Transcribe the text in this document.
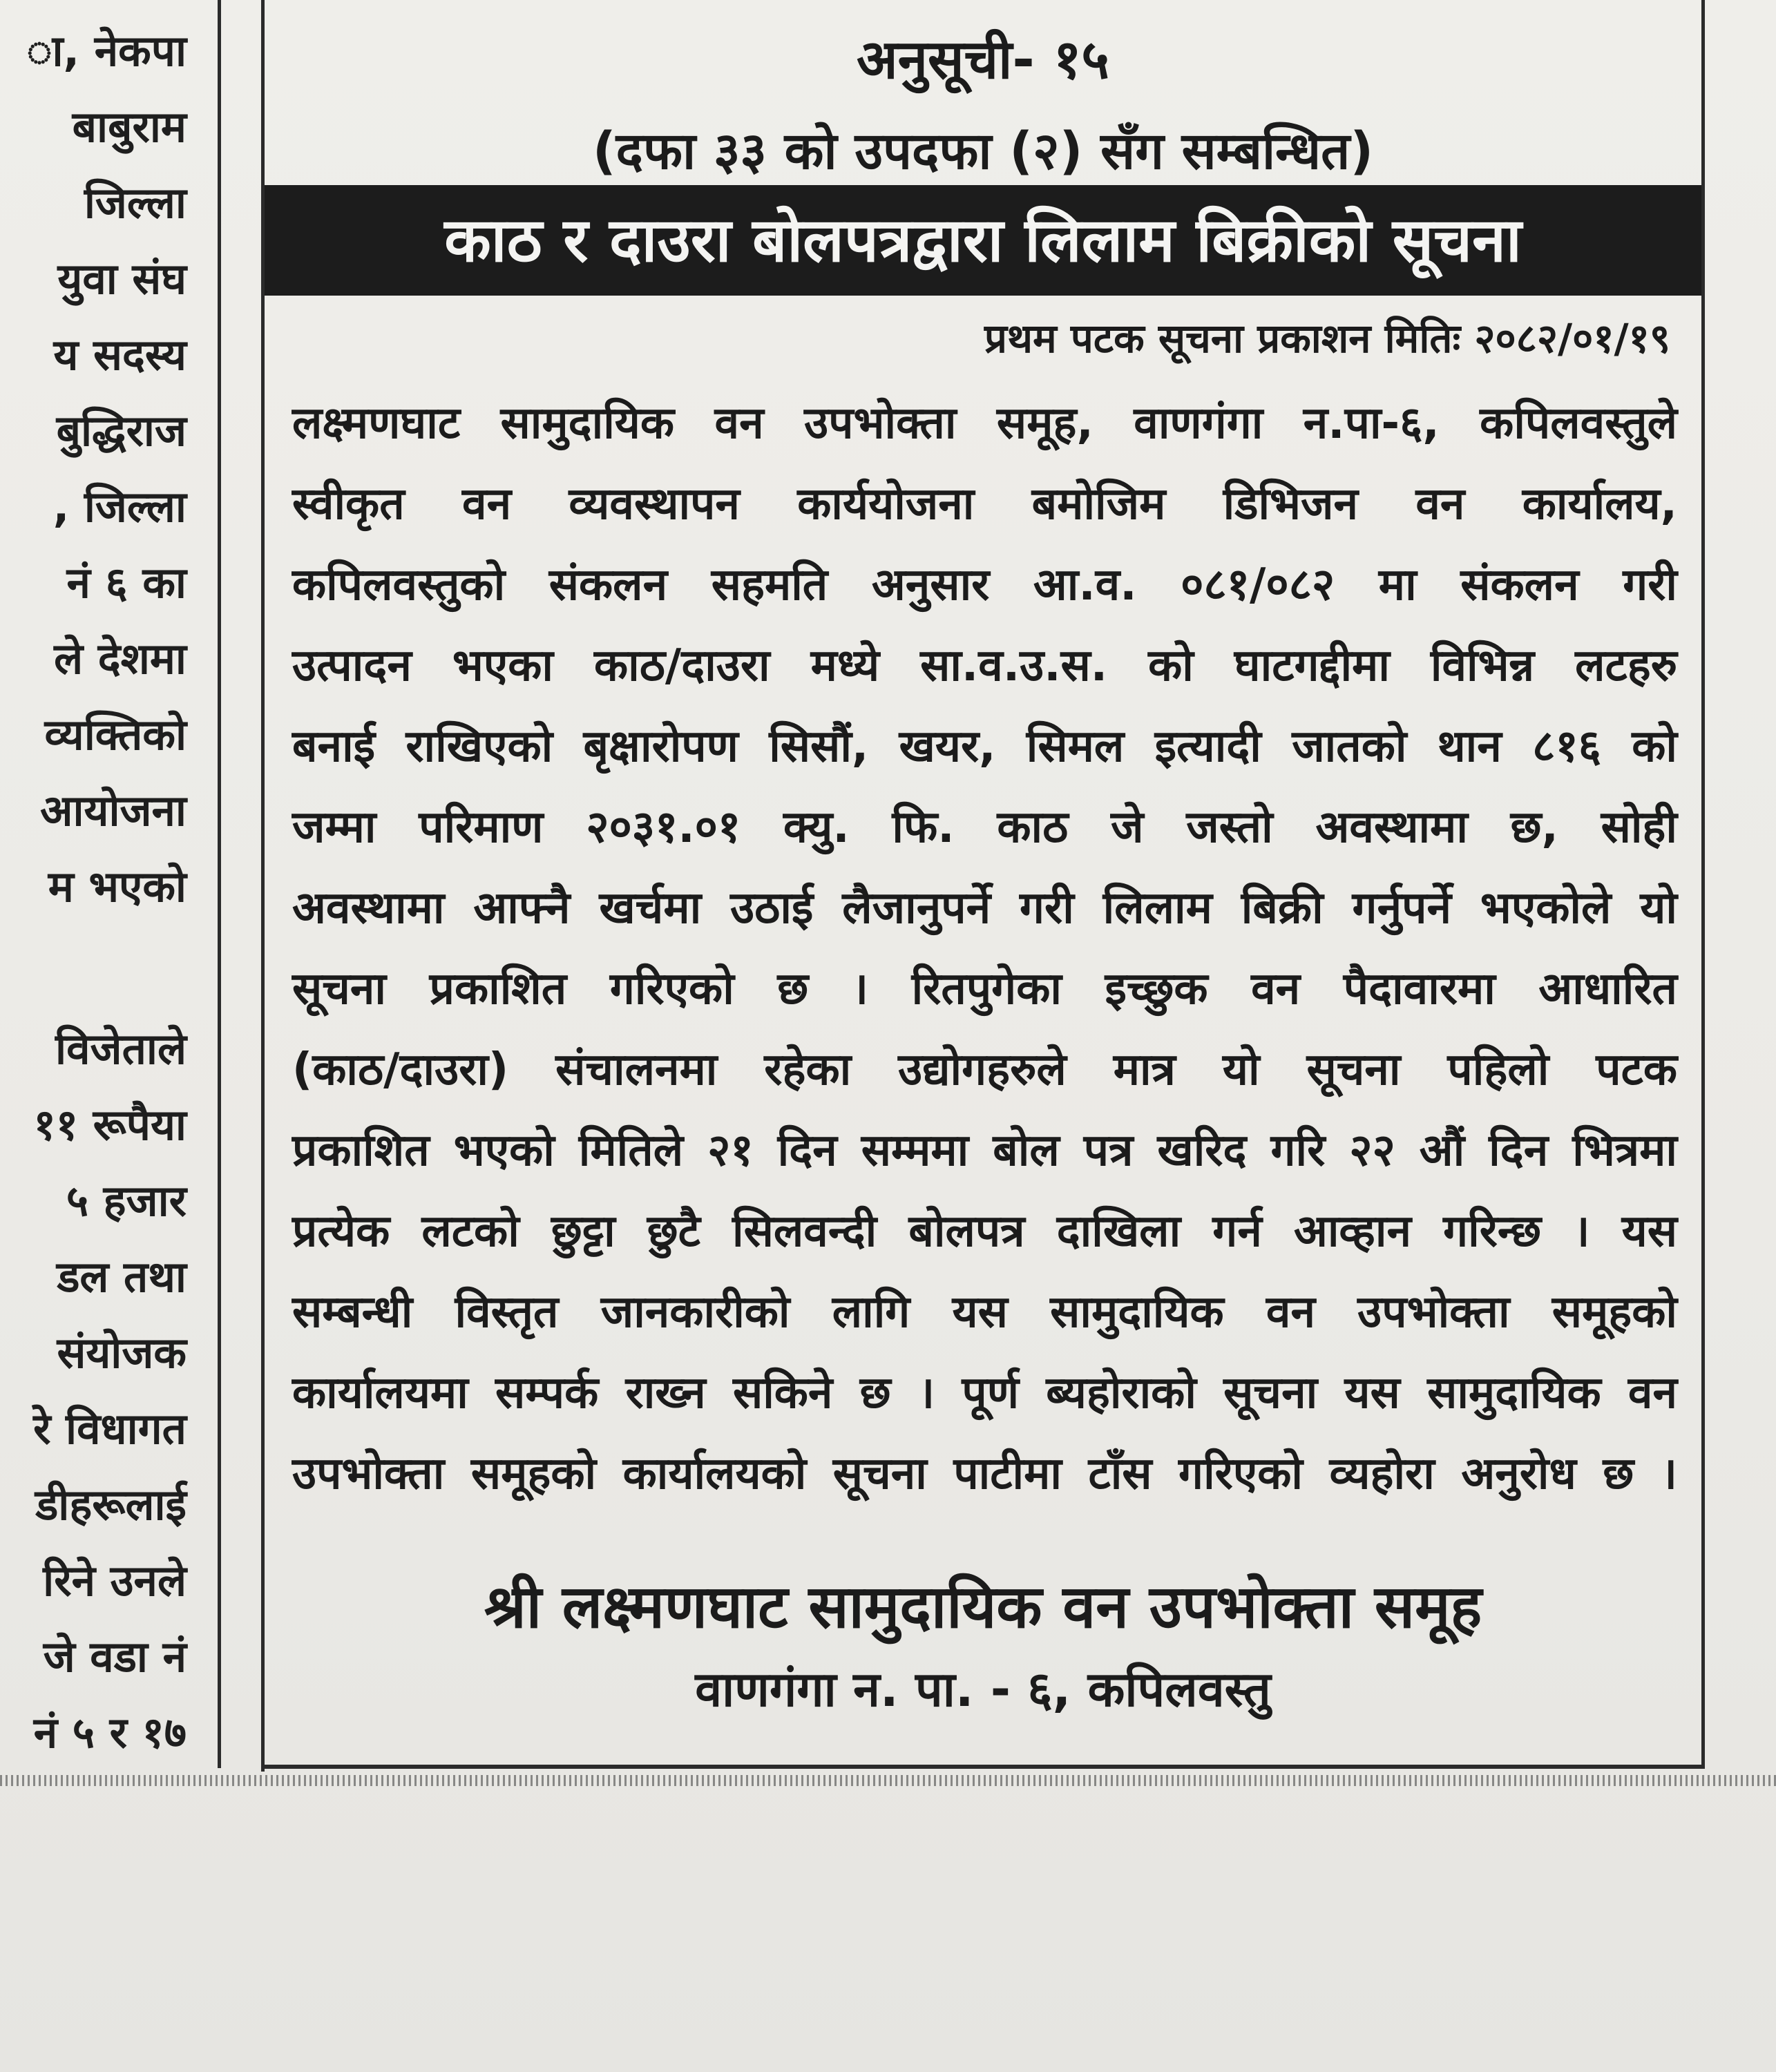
ा, नेकपा
बाबुराम
जिल्ला
युवा संघ
य सदस्य
बुद्धिराज
, जिल्ला
नं ६ का
ले देशमा
व्यक्तिको
आयोजना
म भएको
विजेताले
११ रूपैया
५ हजार
डल तथा
संयोजक
रे विधागत
डीहरूलाई
रिने उनले
जे वडा नं
नं ५ र १७
अनुसूची- १५
(दफा ३३ को उपदफा (२) सँग सम्बन्धित)
काठ र दाउरा बोलपत्रद्वारा लिलाम बिक्रीको सूचना
प्रथम पटक सूचना प्रकाशन मितिः २०८२/०१/१९
लक्ष्मणघाट सामुदायिक वन उपभोक्ता समूह, वाणगंगा न.पा-६, कपिलवस्तुले
स्वीकृत वन व्यवस्थापन कार्ययोजना बमोजिम डिभिजन वन कार्यालय,
कपिलवस्तुको संकलन सहमति अनुसार आ.व. ०८१/०८२ मा संकलन गरी
उत्पादन भएका काठ/दाउरा मध्ये सा.व.उ.स. को घाटगद्दीमा विभिन्न लटहरु
बनाई राखिएको बृक्षारोपण सिसौं, खयर, सिमल इत्यादी जातको थान ८१६ को
जम्मा परिमाण २०३१.०१ क्यु. फि. काठ जे जस्तो अवस्थामा छ, सोही
अवस्थामा आफ्नै खर्चमा उठाई लैजानुपर्ने गरी लिलाम बिक्री गर्नुपर्ने भएकोले यो
सूचना प्रकाशित गरिएको छ । रितपुगेका इच्छुक वन पैदावारमा आधारित
(काठ/दाउरा) संचालनमा रहेका उद्योगहरुले मात्र यो सूचना पहिलो पटक
प्रकाशित भएको मितिले २१ दिन सम्ममा बोल पत्र खरिद गरि २२ औं दिन भित्रमा
प्रत्येक लटको छुट्टा छुटै सिलवन्दी बोलपत्र दाखिला गर्न आव्हान गरिन्छ । यस
सम्बन्धी विस्तृत जानकारीको लागि यस सामुदायिक वन उपभोक्ता समूहको
कार्यालयमा सम्पर्क राख्न सकिने छ । पूर्ण ब्यहोराको सूचना यस सामुदायिक वन
उपभोक्ता समूहको कार्यालयको सूचना पाटीमा टाँस गरिएको व्यहोरा अनुरोध छ ।
श्री लक्ष्मणघाट सामुदायिक वन उपभोक्ता समूह
वाणगंगा न. पा. - ६, कपिलवस्तु
